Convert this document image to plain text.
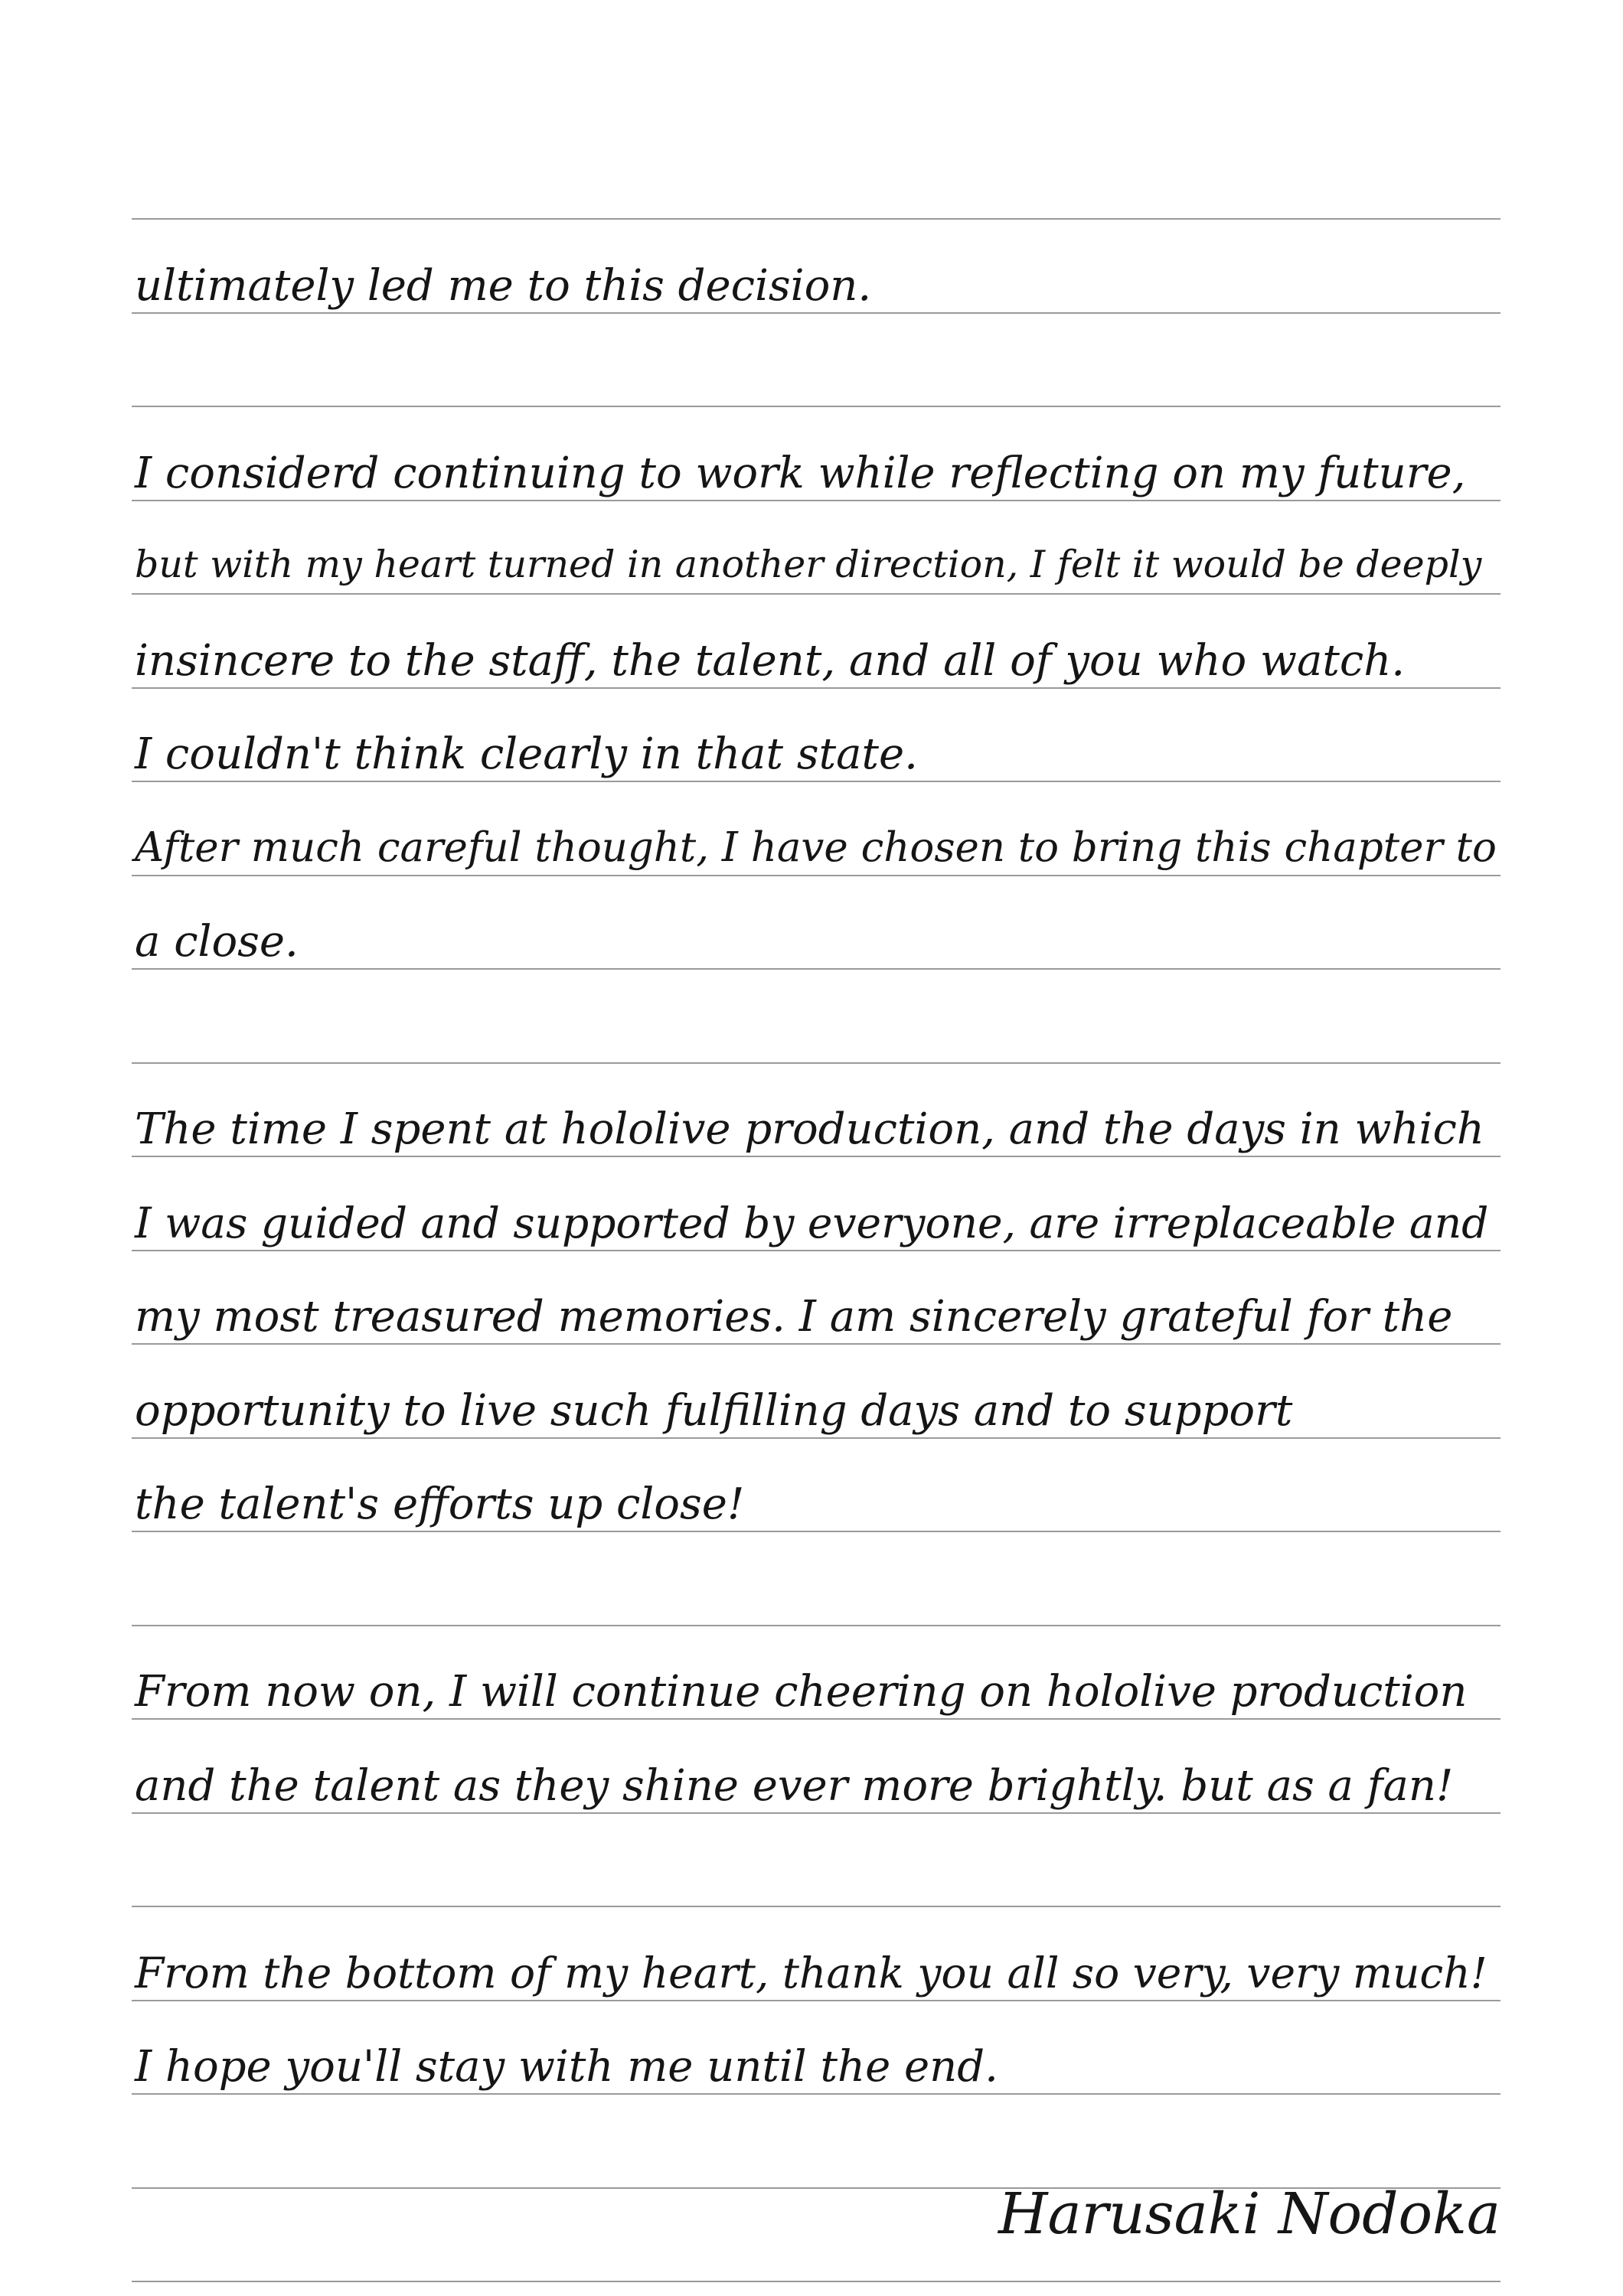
ultimately led me to this decision.
I considerd continuing to work while reflecting on my future,
but with my heart turned in another direction, I felt it would be deeply
insincere to the staff, the talent, and all of you who watch.
I couldn't think clearly in that state.
After much careful thought, I have chosen to bring this chapter to
a close.
The time I spent at hololive production, and the days in which
I was guided and supported by everyone, are irreplaceable and
my most treasured memories. I am sincerely grateful for the
opportunity to live such fulfilling days and to support
the talent's efforts up close!
From now on, I will continue cheering on hololive production
and the talent as they shine ever more brightly. but as a fan!
From the bottom of my heart, thank you all so very, very much!
I hope you'll stay with me until the end.
Harusaki Nodoka
